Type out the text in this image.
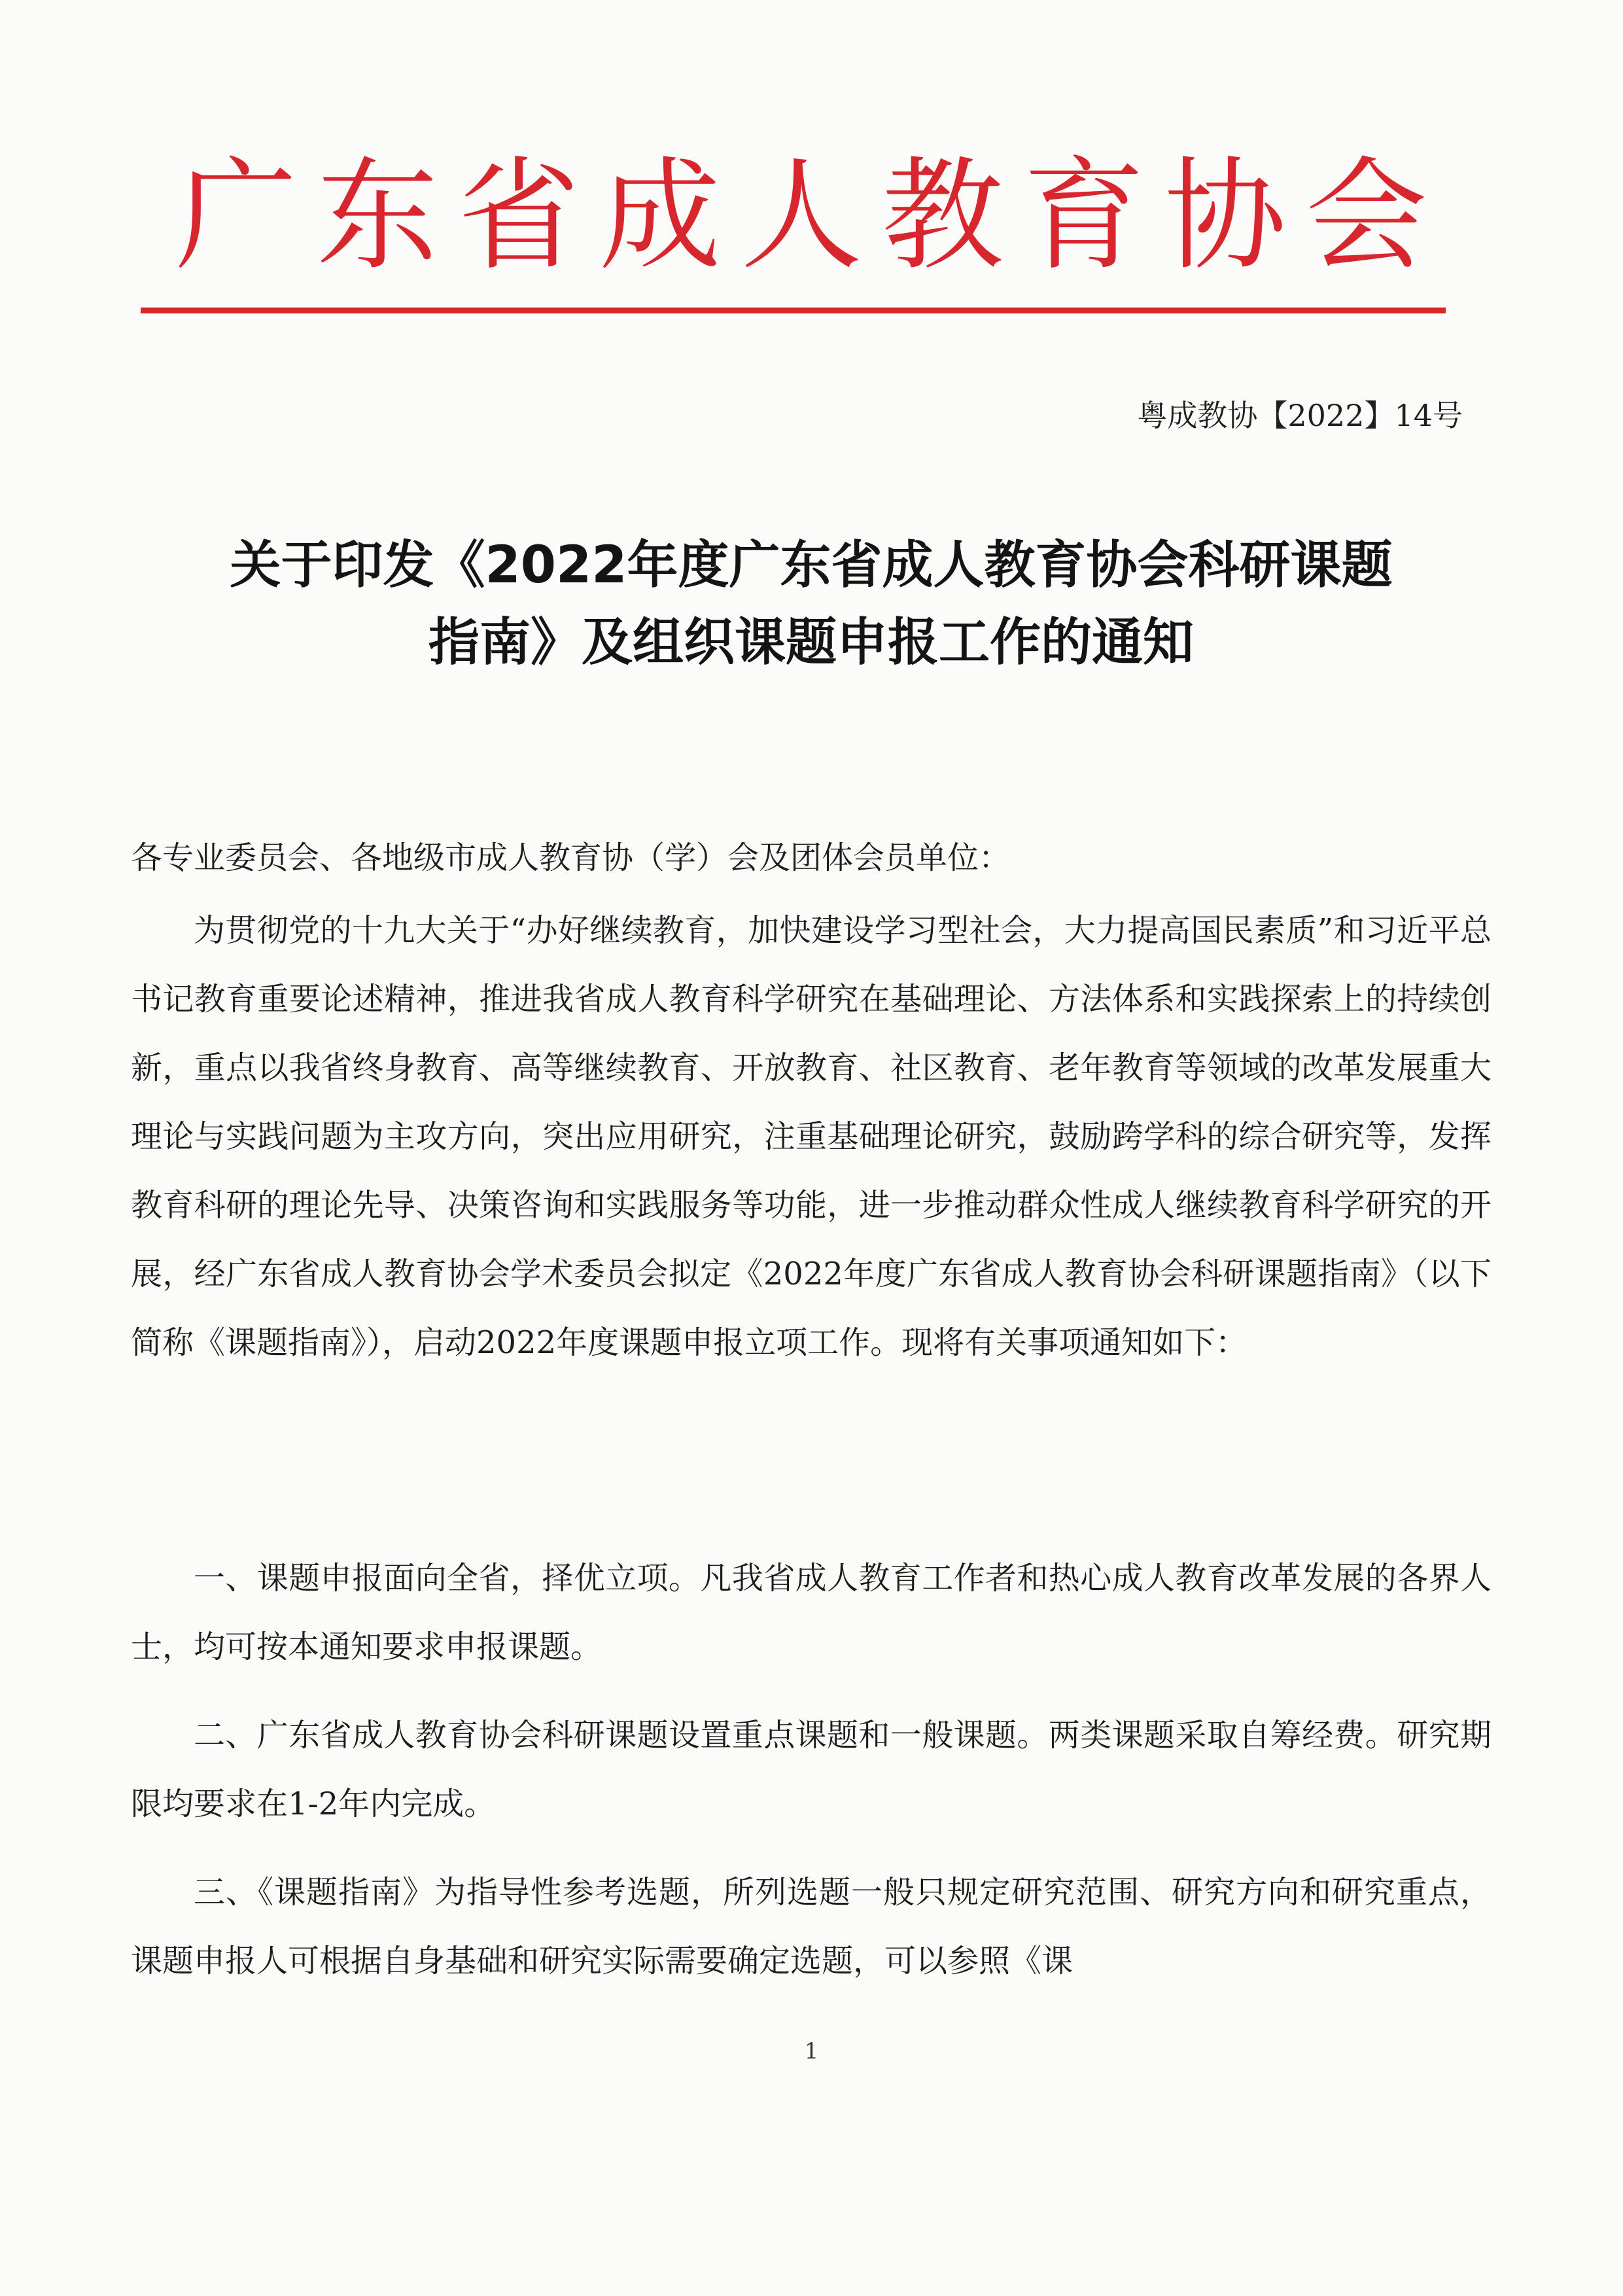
广东省成人教育协会
粤成教协【2022】14号
关于印发《2022年度广东省成人教育协会科研课题
指南》及组织课题申报工作的通知
各专业委员会、各地级市成人教育协（学）会及团体会员单位：

为贯彻党的十九大关于“办好继续教育，加快建设学习型社会，大力提高国民素质”和习近平总书记教育重要论述精神，推进我省成人教育科学研究在基础理论、方法体系和实践探索上的持续创新，重点以我省终身教育、高等继续教育、开放教育、社区教育、老年教育等领域的改革发展重大理论与实践问题为主攻方向，突出应用研究，注重基础理论研究，鼓励跨学科的综合研究等，发挥教育科研的理论先导、决策咨询和实践服务等功能，进一步推动群众性成人继续教育科学研究的开展，经广东省成人教育协会学术委员会拟定《2022年度广东省成人教育协会科研课题指南》（以下简称《课题指南》），启动2022年度课题申报立项工作。现将有关事项通知如下：

一、课题申报面向全省，择优立项。凡我省成人教育工作者和热心成人教育改革发展的各界人士，均可按本通知要求申报课题。

二、广东省成人教育协会科研课题设置重点课题和一般课题。两类课题采取自筹经费。研究期限均要求在1-2年内完成。

三、《课题指南》为指导性参考选题，所列选题一般只规定研究范围、研究方向和研究重点，课题申报人可根据自身基础和研究实际需要确定选题，可以参照《课

1
